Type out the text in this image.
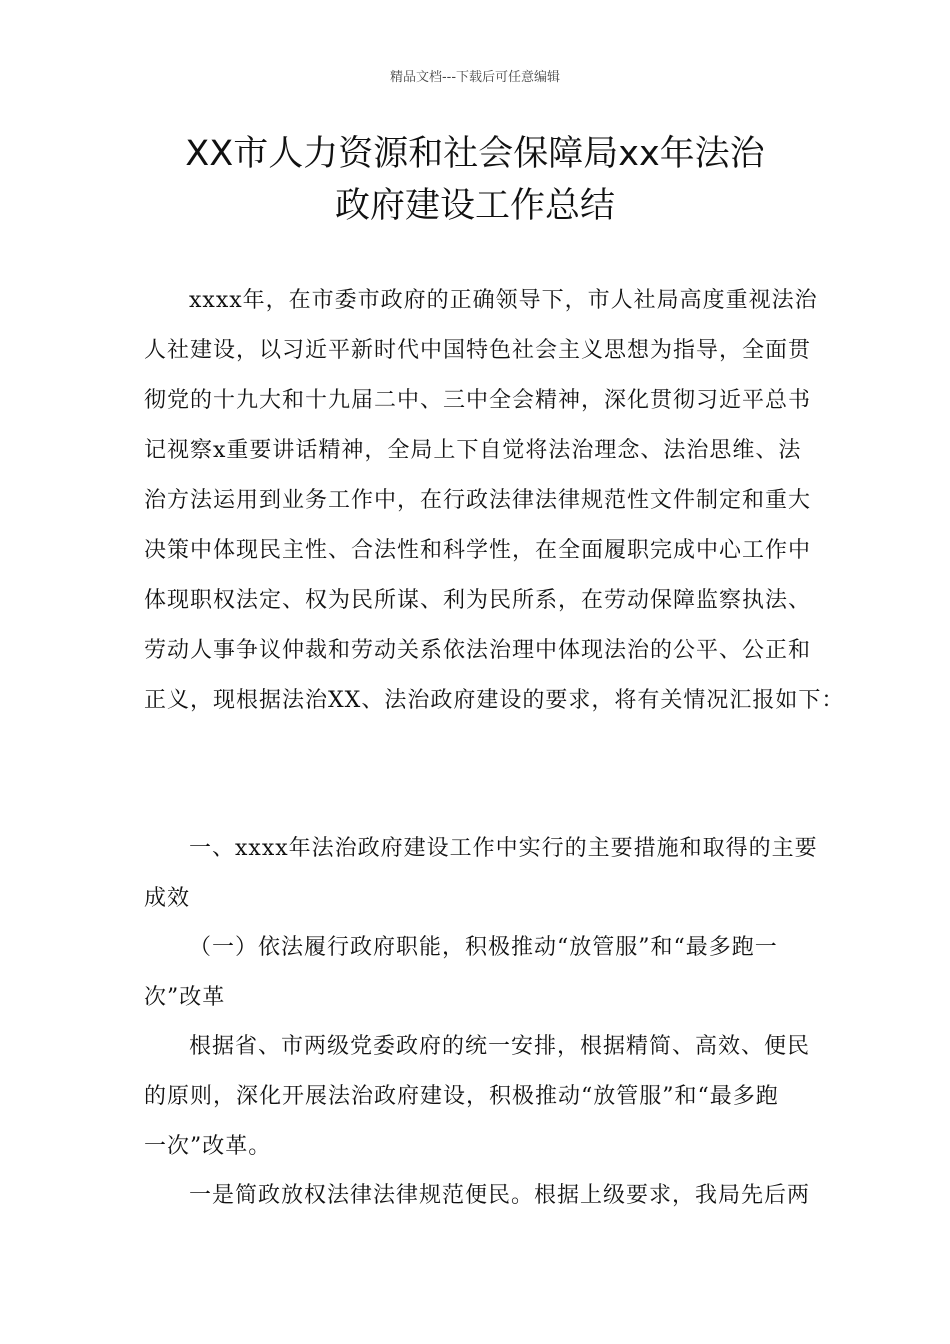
精品文档---下载后可任意编辑
XX市人力资源和社会保障局xx年法治
政府建设工作总结
xxxx年，在市委市政府的正确领导下，市人社局高度重视法治
人社建设，以习近平新时代中国特色社会主义思想为指导，全面贯
彻党的十九大和十九届二中、三中全会精神，深化贯彻习近平总书
记视察x重要讲话精神，全局上下自觉将法治理念、法治思维、法
治方法运用到业务工作中，在行政法律法律规范性文件制定和重大
决策中体现民主性、合法性和科学性，在全面履职完成中心工作中
体现职权法定、权为民所谋、利为民所系，在劳动保障监察执法、
劳动人事争议仲裁和劳动关系依法治理中体现法治的公平、公正和
正义，现根据法治XX、法治政府建设的要求，将有关情况汇报如下：
一、xxxx年法治政府建设工作中实行的主要措施和取得的主要
成效
（一）依法履行政府职能，积极推动“放管服”和“最多跑一
次”改革
根据省、市两级党委政府的统一安排，根据精简、高效、便民
的原则，深化开展法治政府建设，积极推动“放管服”和“最多跑
一次”改革。
一是简政放权法律法律规范便民。根据上级要求，我局先后两
